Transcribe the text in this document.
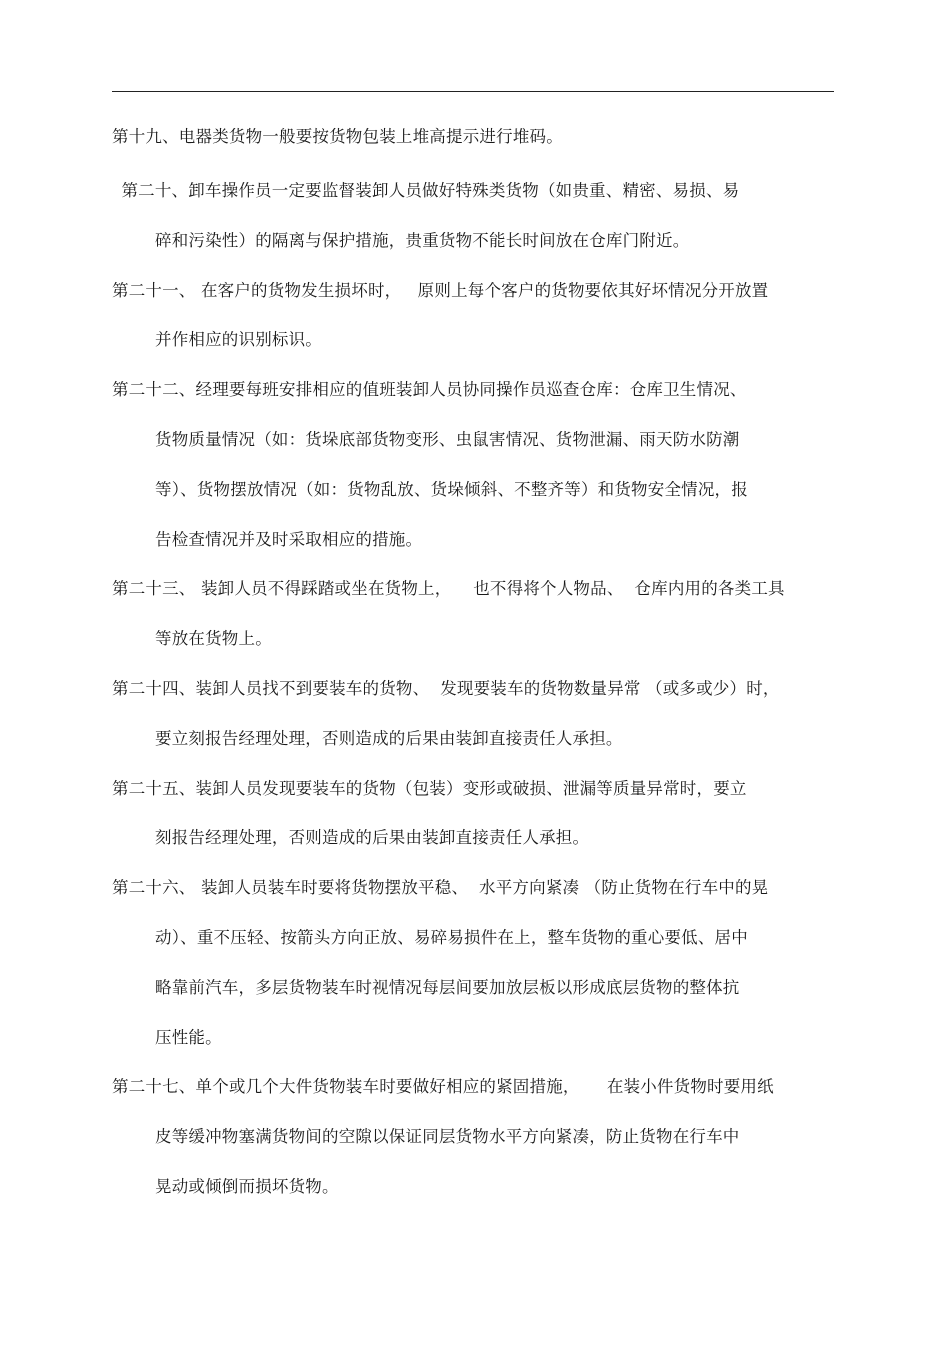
第十九、电器类货物一般要按货物包装上堆高提示进行堆码。
第二十、卸车操作员一定要监督装卸人员做好特殊类货物（如贵重、精密、易损、易
碎和污染性）的隔离与保护措施，贵重货物不能长时间放在仓库门附近。
第二十一、 在客户的货物发生损坏时，   原则上每个客户的货物要依其好坏情况分开放置
并作相应的识别标识。
第二十二、经理要每班安排相应的值班装卸人员协同操作员巡查仓库：仓库卫生情况、
货物质量情况（如：货垛底部货物变形、虫鼠害情况、货物泄漏、雨天防水防潮
等）、货物摆放情况（如：货物乱放、货垛倾斜、不整齐等）和货物安全情况，报
告检查情况并及时采取相应的措施。
第二十三、 装卸人员不得踩踏或坐在货物上，    也不得将个人物品、  仓库内用的各类工具
等放在货物上。
第二十四、装卸人员找不到要装车的货物、  发现要装车的货物数量异常 （或多或少）时，
要立刻报告经理处理，否则造成的后果由装卸直接责任人承担。
第二十五、装卸人员发现要装车的货物（包装）变形或破损、泄漏等质量异常时，要立
刻报告经理处理，否则造成的后果由装卸直接责任人承担。
第二十六、 装卸人员装车时要将货物摆放平稳、  水平方向紧凑 （防止货物在行车中的晃
动）、重不压轻、按箭头方向正放、易碎易损件在上，整车货物的重心要低、居中
略靠前汽车，多层货物装车时视情况每层间要加放层板以形成底层货物的整体抗
压性能。
第二十七、单个或几个大件货物装车时要做好相应的紧固措施，     在装小件货物时要用纸
皮等缓冲物塞满货物间的空隙以保证同层货物水平方向紧凑，防止货物在行车中
晃动或倾倒而损坏货物。
